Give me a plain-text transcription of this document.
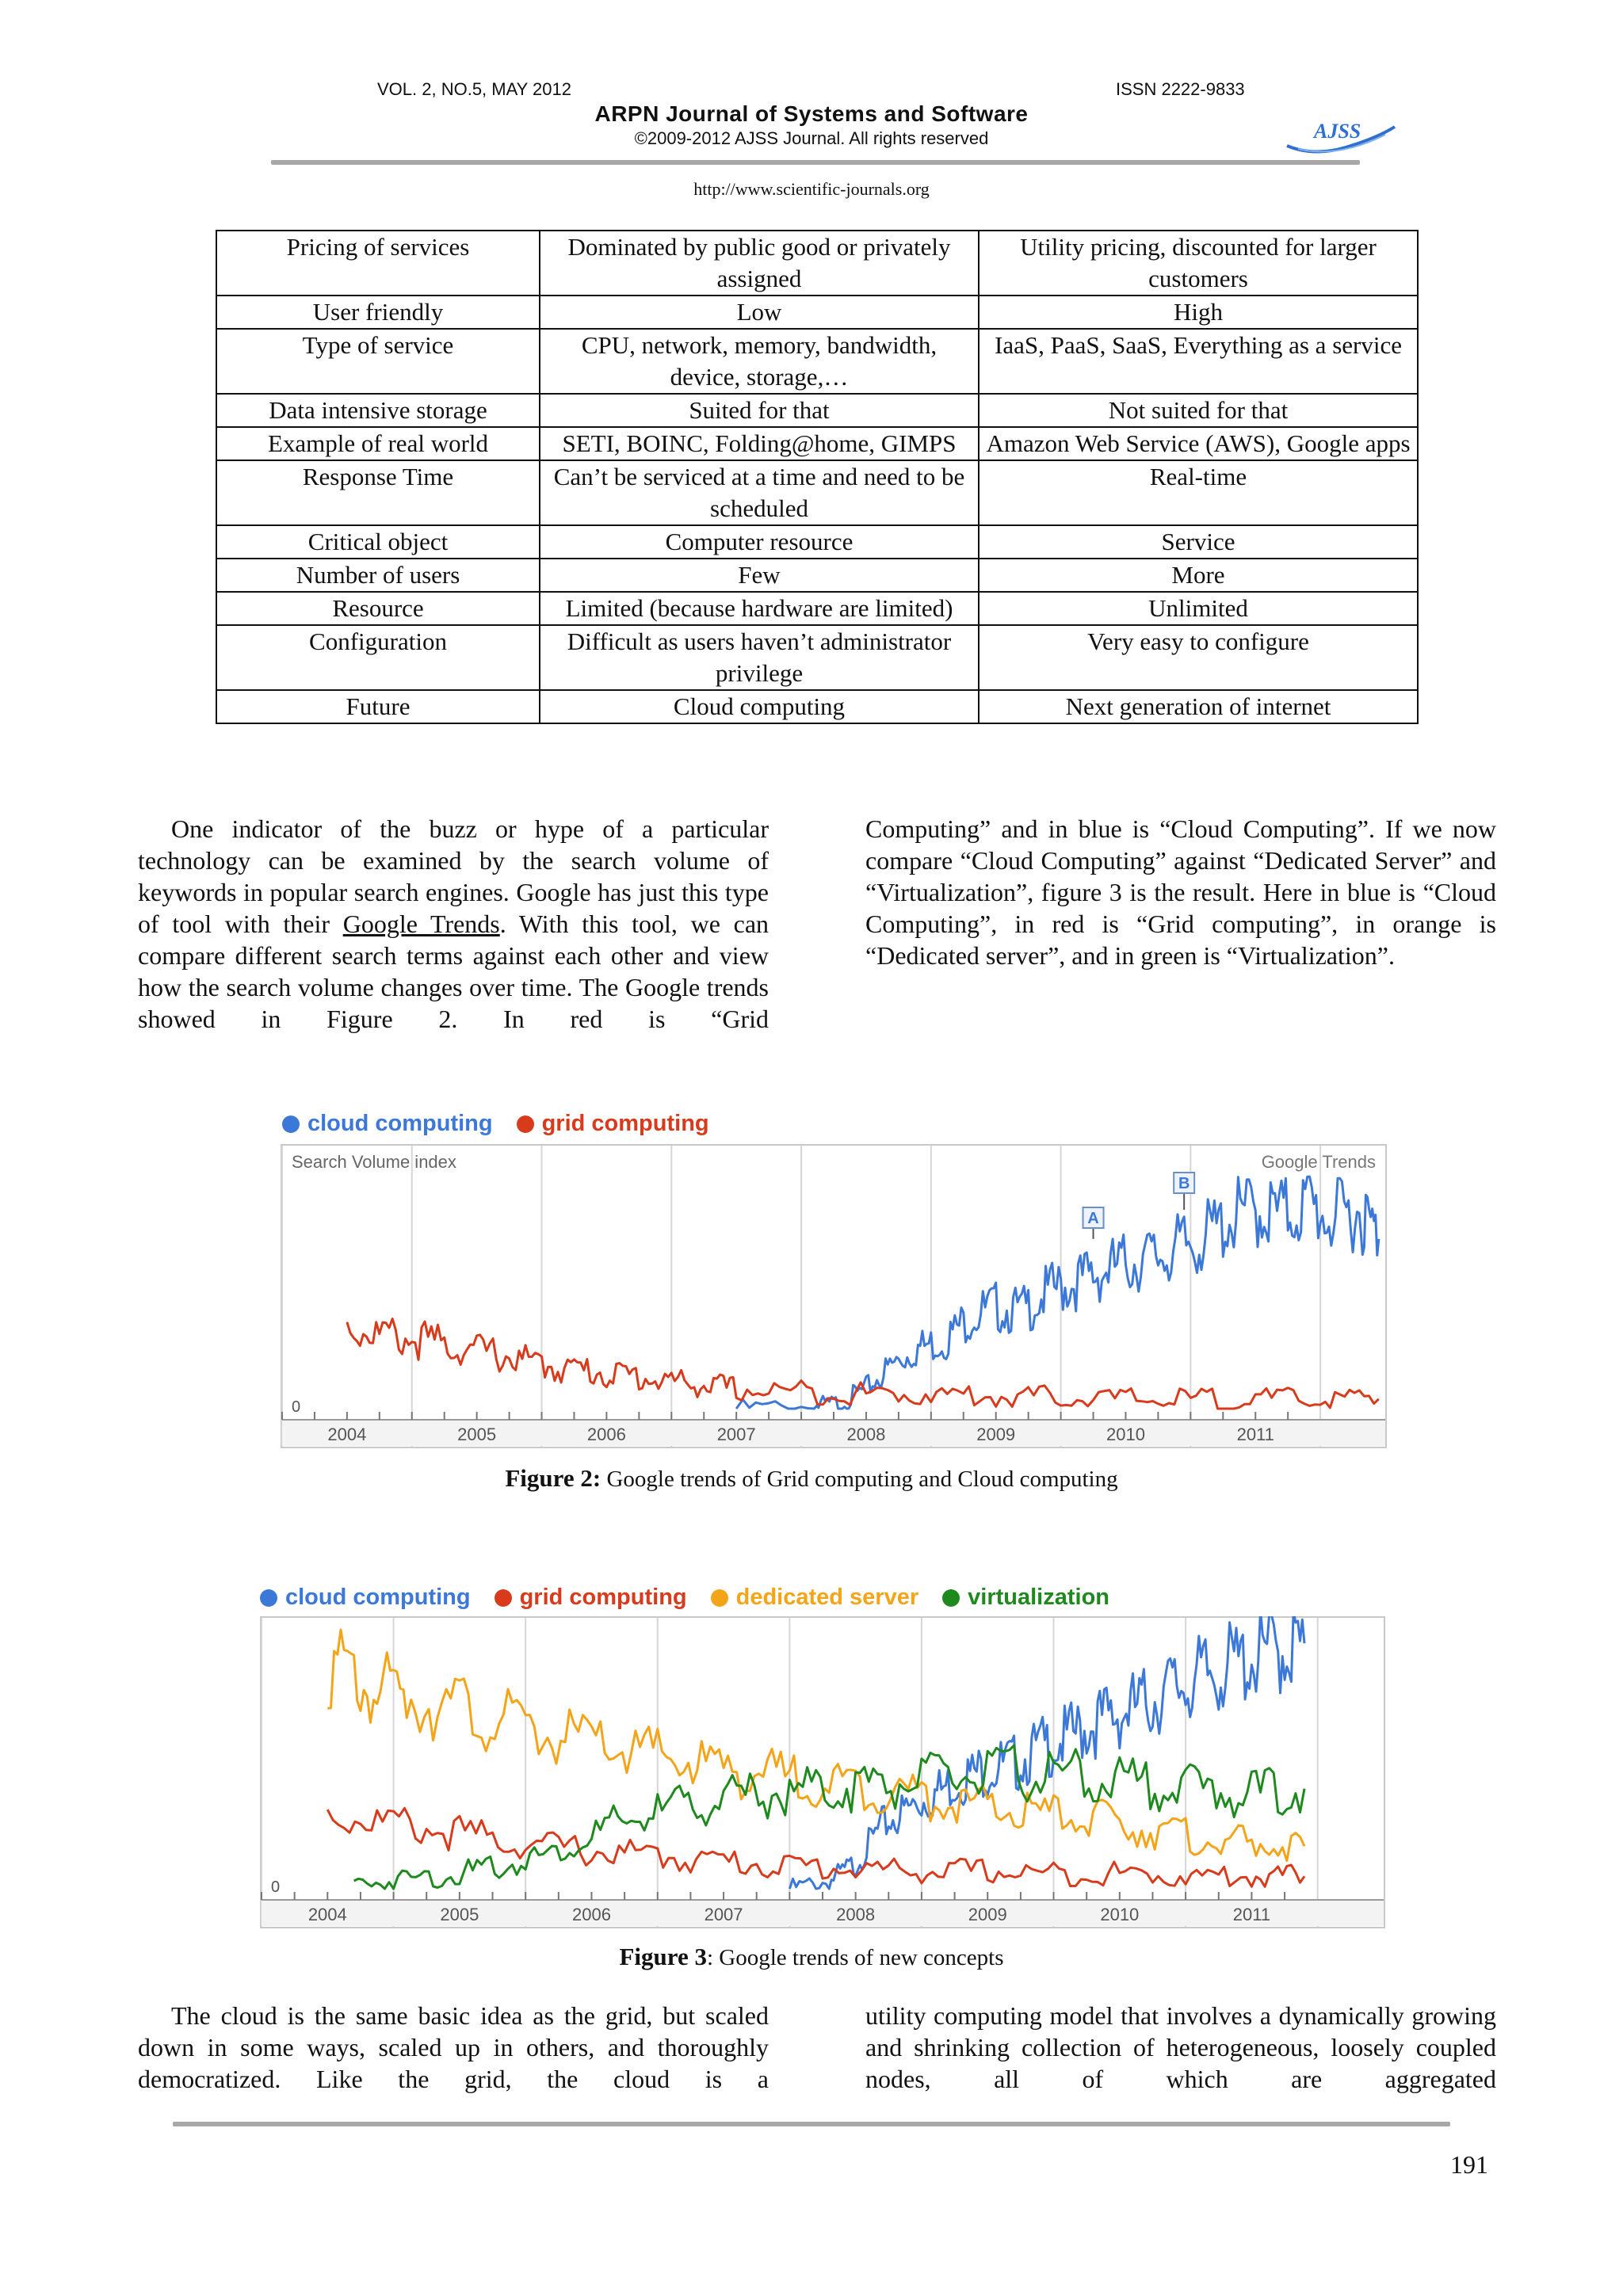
VOL. 2, NO.5, MAY 2012	ISSN 2222-9833
ARPN Journal of Systems and Software
©2009-2012 AJSS Journal. All rights reserved	AJSS
http://www.scientific-journals.org
Pricing of services	Dominated by public good or privately assigned	Utility pricing, discounted for larger customers
User friendly	Low	High
Type of service	CPU, network, memory, bandwidth, device, storage,…	IaaS, PaaS, SaaS, Everything as a service
Data intensive storage	Suited for that	Not suited for that
Example of real world	SETI, BOINC, Folding@home, GIMPS	Amazon Web Service (AWS), Google apps
Response Time	Can’t be serviced at a time and need to be scheduled	Real-time
Critical object	Computer resource	Service
Number of users	Few	More
Resource	Limited (because hardware are limited)	Unlimited
Configuration	Difficult as users haven’t administrator privilege	Very easy to configure
Future	Cloud computing	Next generation of internet
One indicator of the buzz or hype of a particular technology can be examined by the search volume of keywords in popular search engines. Google has just this type of tool with their Google Trends. With this tool, we can compare different search terms against each other and view how the search volume changes over time. The Google trends showed in Figure 2. In red is “Grid
Computing” and in blue is “Cloud Computing”. If we now compare “Cloud Computing” against “Dedicated Server” and “Virtualization”, figure 3 is the result. Here in blue is “Cloud Computing”, in red is “Grid computing”, in orange is “Dedicated server”, and in green is “Virtualization”.
cloud computing grid computing
2004	2005	2006	2007	2008	2009	2010	2011
0
Search Volume index
A
B
Google Trends
Figure 2: Google trends of Grid computing and Cloud computing
cloud computing grid computing dedicated server virtualization
2004	2005	2006	2007	2008	2009	2010	2011
0
Figure 3: Google trends of new concepts
The cloud is the same basic idea as the grid, but scaled down in some ways, scaled up in others, and thoroughly democratized. Like the grid, the cloud is a
utility computing model that involves a dynamically growing and shrinking collection of heterogeneous, loosely coupled nodes, all of which are aggregated
191
